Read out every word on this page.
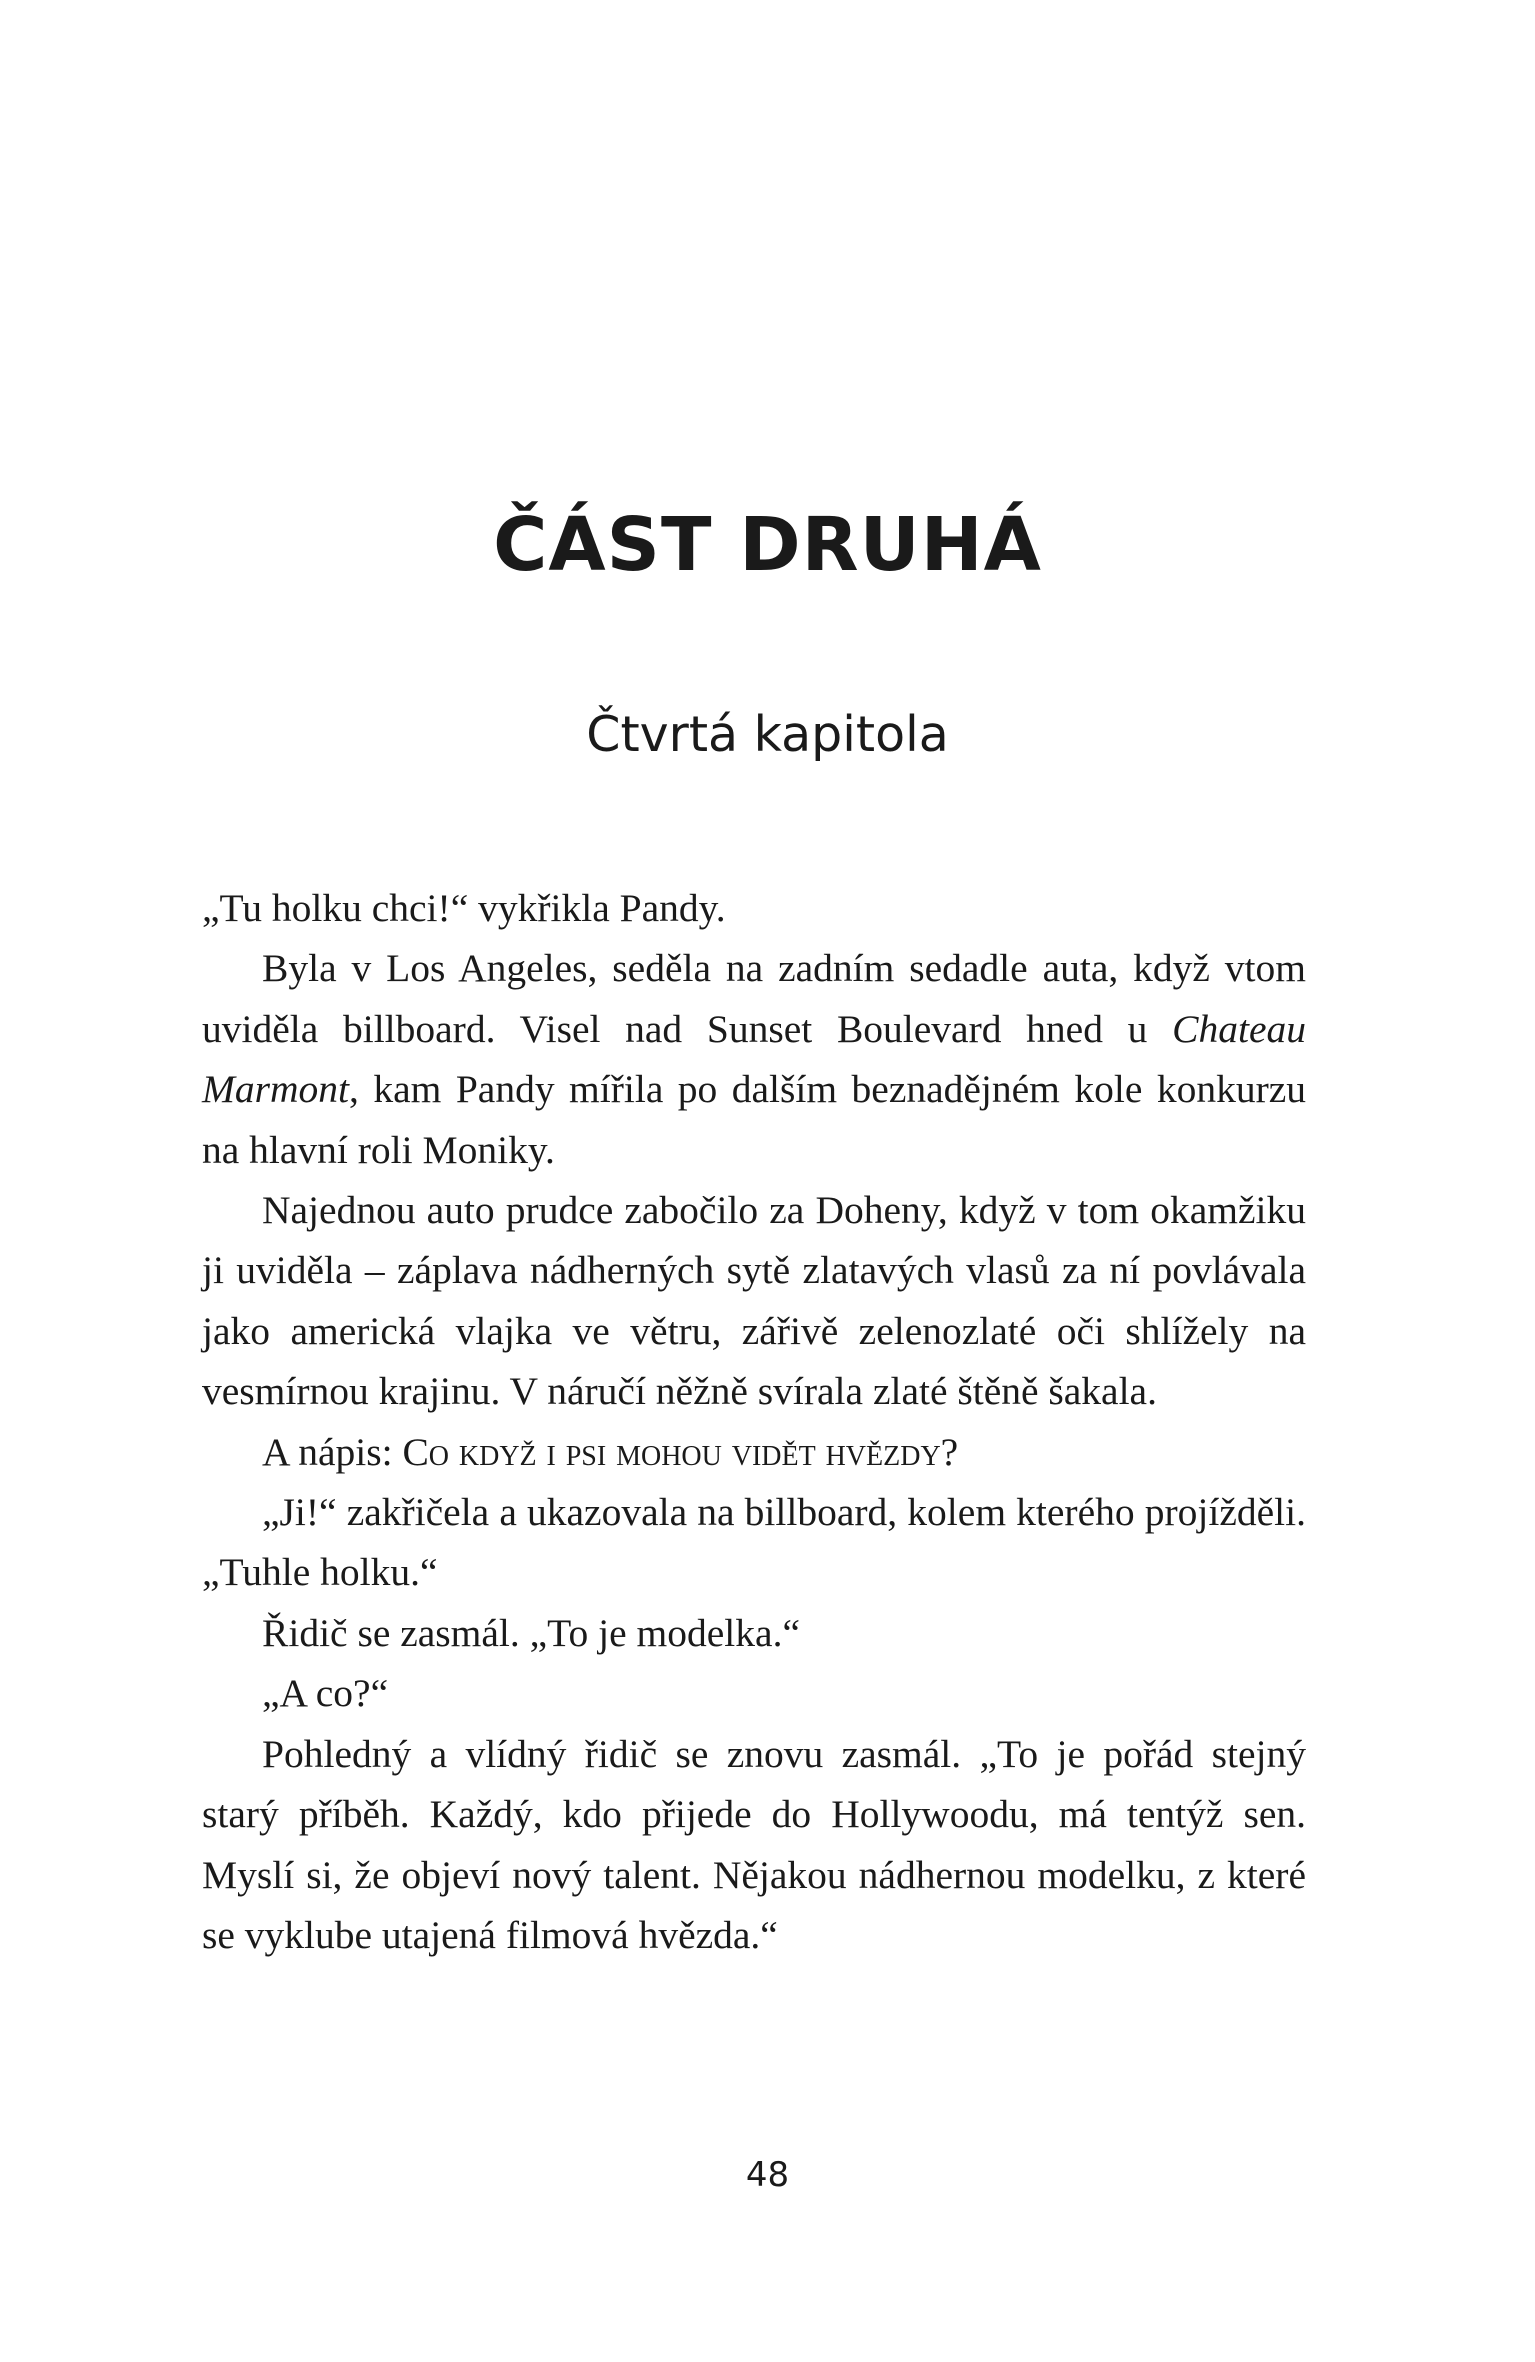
ČÁST DRUHÁ
Čtvrtá kapitola

„Tu holku chci!“ vykřikla Pandy.

Byla v Los Angeles, seděla na zadním sedadle auta, když vtom uviděla billboard. Visel nad Sunset Boulevard hned u Chateau Marmont, kam Pandy mířila po dalším beznadějném kole konkurzu na hlavní roli Moniky.

Najednou auto prudce zabočilo za Doheny, když v tom okamžiku ji uviděla – záplava nádherných sytě zlatavých vlasů za ní povlávala jako americká vlajka ve větru, zářivě zelenozlaté oči shlížely na vesmírnou krajinu. V náručí něžně svírala zlaté štěně šakala.

A nápis: Co když i psi mohou vidět hvězdy?

„Ji!“ zakřičela a ukazovala na billboard, kolem kterého projížděli. „Tuhle holku.“

Řidič se zasmál. „To je modelka.“

„A co?“

Pohledný a vlídný řidič se znovu zasmál. „To je pořád stejný starý příběh. Každý, kdo přijede do Hollywoodu, má tentýž sen. Myslí si, že objeví nový talent. Nějakou nádhernou modelku, z které se vyklube utajená filmová hvězda.“

48
